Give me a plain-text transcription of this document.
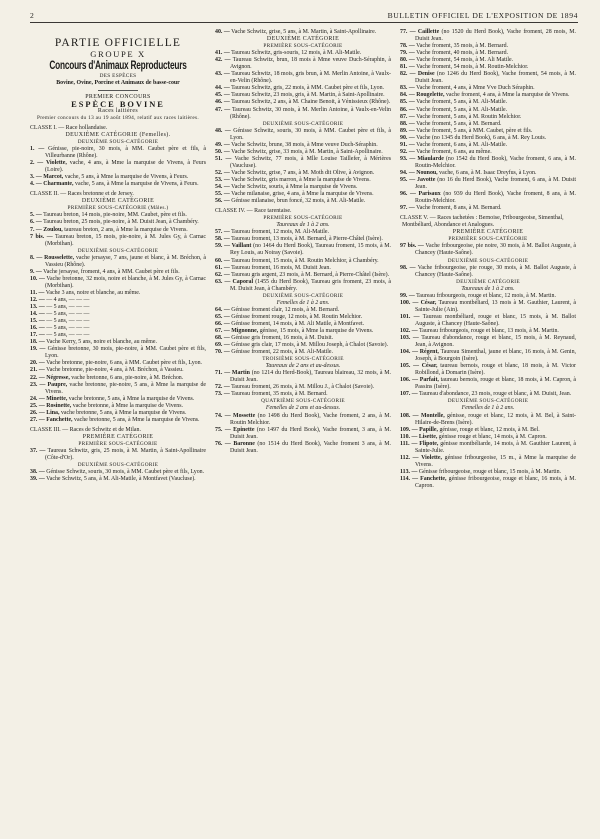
2	BULLETIN OFFICIEL DE L'EXPOSITION DE 1894
PARTIE OFFICIELLE
GROUPE X
Concours d'Animaux Reproducteurs
DES ESPÈCES
Bovine, Ovine, Porcine et Animaux de basse-cour
PREMIER CONCOURS
ESPÈCE BOVINE
Races laitières
Premier concours du 13 au 19 août 1894, relatif aux races laitières.
CLASSE I. — Race hollandaise.
DEUXIÈME CATÉGORIE (Femelles).
DEUXIÈME SOUS-CATÉGORIE
1. — Génisse, pie-noire, 30 mois, à MM. Caubet père et fils, à Villeurbanne (Rhône).
2. — Violette, vache, 4 ans, à Mme la marquise de Vivens, à Feurs (Loire).
3. — Marcot, vache, 5 ans, à Mme la marquise de Vivens, à Feurs.
4. — Charmante, vache, 5 ans, à Mme la marquise de Vivens, à Feurs.
CLASSE II. — Races bretonne et de Jersey.
DEUXIÈME CATÉGORIE
PREMIÈRE SOUS-CATÉGORIE (Mâles.)
5. — Taureau breton, 14 mois, pie-noire, MM. Caubet, père et fils.
6. — Taureau breton, 25 mois, pie-noire, à M. Duisit Jean, à Chambéry.
7. — Zoulou, taureau breton, 2 ans, à Mme la marquise de Vivens.
7 bis. — Taureau breton, 15 mois, pie-noire, à M. Jules Gy, à Carnac (Morbihan).
DEUXIÈME SOUS-CATÉGORIE
8. — Rousselette, vache jersayse, 7 ans, jaune et blanc, à M. Bréchon, à Vassieu (Rhône).
9. — Vache jersayse, froment, 4 ans, à MM. Caubet père et fils.
10. — Vache bretonne, 32 mois, noire et blanche, à M. Jules Gy, à Carnac (Morbihan).
11. — Vache 3 ans, noire et blanche, au même.
12. — — 4 ans, — — —
13. — — 5 ans, — — —
14. — — 5 ans, — — —
15. — — 5 ans, — — —
16. — — 5 ans, — — —
17. — — 5 ans, — — —
18. — Vache Kerry, 5 ans, noire et blanche, au même.
19. — Génisse bretonne, 30 mois, pie-noire, à MM. Caubet père et fils, Lyon.
20. — Vache bretonne, pie-noire, 6 ans, à MM. Caubet père et fils, Lyon.
21. — Vache bretonne, pie-noire, 4 ans, à M. Bréchon, à Vassieu.
22. — Négresse, vache bretonne, 6 ans, pie-noire, à M. Bréchon.
23. — Paupre, vache bretonne, pie-noire, 5 ans, à Mme la marquise de Vivens.
24. — Minette, vache bretonne, 5 ans, à Mme la marquise de Vivens.
25. — Rosinette, vache bretonne, à Mme la marquise de Vivens.
26. — Lina, vache bretonne, 5 ans, à Mme la marquise de Vivens.
27. — Fanchette, vache bretonne, 5 ans, à Mme la marquise de Vivens.
CLASSE III. — Races de Schwitz et de Milan.
PREMIÈRE CATÉGORIE
PREMIÈRE SOUS-CATÉGORIE
37. — Taureau Schwitz, gris, 25 mois, à M. Martin, à Saint-Apollinaire (Côte-d'Or).
DEUXIÈME SOUS-CATÉGORIE
38. — Génisse Schwitz, souris, 30 mois, à MM. Caubet père et fils, Lyon.
39. — Vache Schwitz, 5 ans, à M. Ali-Matile, à Montfavet (Vaucluse).
40. — Vache Schwitz, grise, 5 ans, à M. Martin, à Saint-Apollinaire.
DEUXIÈME CATÉGORIE
PREMIÈRE SOUS-CATÉGORIE
41. — Taureau Schwitz, gris-souris, 12 mois, à M. Ali-Matile.
42. — Taureau Schwitz, brun, 18 mois à Mme veuve Duch-Séraphin, à Avignon.
43. — Taureau Schwitz, 18 mois, gris brun, à M. Merlin Antoine, à Vaulx-en-Velin (Rhône).
44. — Taureau Schwitz, gris, 22 mois, à MM. Caubet père et fils, Lyon.
45. — Taureau Schwitz, 23 mois, gris, à M. Martin, à Saint-Apollinaire.
46. — Taureau Schwitz, 2 ans, à M. Chaine Benoit, à Vénissieux (Rhône).
47. — Taureau Schwitz, 30 mois, à M. Merlin Antoine, à Vaulx-en-Velin (Rhône).
DEUXIÈME SOUS-CATÉGORIE
48. — Génisse Schwitz, souris, 30 mois, à MM. Caubet père et fils, à Lyon.
49. — Vache Schwitz, brune, 38 mois, à Mme veuve Duch-Séraphin.
50. — Vache Schwitz, grise, 33 mois, à M. Martin, à Saint-Apollinaire.
51. — Vache Schwitz, 77 mois, à Mlle Louise Taillefer, à Mérières (Vaucluse).
52. — Vache Schwitz, grise, 7 ans, à M. Moth dit Olive, à Avignon.
53. — Vache Schwitz, gris marron, à Mme la marquise de Vivens.
54. — Vache Schwitz, souris, à Mme la marquise de Vivens.
55. — Vache milanaise, grise, 4 ans, à Mme la marquise de Vivens.
56. — Génisse milanaise, brun foncé, 32 mois, à M. Ali-Matile.
CLASSE IV. — Race tarentaise.
PREMIÈRE SOUS-CATÉGORIE
Taureaux de 1 à 2 ans.
57. — Taureau froment, 12 mois, M. Ali-Matile.
58. — Taureau froment, 13 mois, à M. Bernard, à Pierre-Châtel (Isère).
59. — Vaillant (no 1464 du Herd Book), Taureau froment, 15 mois, à M. Rey Louis, au Noiray (Savoie).
60. — Taureau froment, 15 mois, à M. Routin Melchior, à Chambéry.
61. — Taureau froment, 16 mois, M. Duisit Jean.
62. — Taureau gris argent, 23 mois, à M. Bernard, à Pierre-Châtel (Isère).
63. — Caporal (1455 du Herd Book), Taureau gris froment, 23 mois, à M. Duisit Jean, à Chambéry.
DEUXIÈME SOUS-CATÉGORIE
Femelles de 1 à 2 ans.
64. — Génisse froment clair, 12 mois, à M. Bernard.
65. — Génisse froment rouge, 12 mois, à M. Routin Melchior.
66. — Génisse froment, 14 mois, à M. Ali Matile, à Montfavet.
67. — Mignonne, génisse, 15 mois, à Mme la marquise de Vivens.
68. — Génisse gris froment, 16 mois, à M. Duisit.
69. — Génisse gris clair, 17 mois, à M. Millou Joseph, à Chalot (Savoie).
70. — Génisse froment, 22 mois, à M. Ali-Matile.
TROISIÈME SOUS-CATÉGORIE
Taureaux de 2 ans et au-dessus.
71. — Martin (no 1214 du Herd-Book), Taureau blaireau, 32 mois, à M. Duisit Jean.
72. — Taureau froment, 26 mois, à M. Millou J., à Chalot (Savoie).
73. — Taureau froment, 35 mois, à M. Bernard.
QUATRIÈME SOUS-CATÉGORIE
Femelles de 2 ans et au-dessus.
74. — Mossette (no 1498 du Herd Book), Vache froment, 2 ans, à M. Routin Melchior.
75. — Epinette (no 1497 du Herd Book), Vache froment, 3 ans, à M. Duisit Jean.
76. — Baronne (no 1514 du Herd Book), Vache froment 3 ans, à M. Duisit Jean.
77. — Caillette (no 1520 du Herd Book), Vache froment, 28 mois, M. Duisit Jean.
78. — Vache froment, 35 mois, à M. Bernard.
79. — Vache froment, 40 mois, à M. Bernard.
80. — Vache froment, 54 mois, à M. Ali Matile.
81. — Vache froment, 54 mois, à M. Routin-Melchior.
82. — Denise (no 1246 du Herd Book), Vache froment, 54 mois, à M. Duisit Jean.
83. — Vache froment, 4 ans, à Mme Vve Duch Séraphin.
84. — Rougelette, vache froment, 4 ans, à Mme la marquise de Vivens.
85. — Vache froment, 5 ans, à M. Ali-Matile.
86. — Vache froment, 5 ans, à M. Ali-Matile.
87. — Vache froment, 5 ans, à M. Routin Melchior.
88. — Vache froment, 5 ans, à M. Bernard.
89. — Vache froment, 5 ans, à MM. Caubet, père et fils.
90. — Vache (no 1345 du Herd Book), 6 ans, à M. Rey Louis.
91. — Vache froment, 6 ans, à M. Ali-Matile.
92. — Vache froment, 6 ans, au même.
93. — Miaularde (no 1542 du Herd Book), Vache froment, 6 ans, à M. Routin-Melchior.
94. — Nounou, vache, 6 ans, à M. Isaac Dreyfus, à Lyon.
95. — Javotte (no 16 du Herd Book), Vache froment, 6 ans, à M. Duisit Jean.
96. — Parisaux (no 939 du Herd Book), Vache froment, 8 ans, à M. Routin-Melchior.
97. — Vache froment, 8 ans, à M. Bernard.
CLASSE V. — Races tachetées : Bernoise, Fribourgeoise, Simenthal, Montbéliard, Abondance et Analogues.
PREMIÈRE CATÉGORIE
PREMIÈRE SOUS-CATÉGORIE
97 bis. — Vache fribourgeoise, pie noire, 30 mois, à M. Ballot Auguste, à Chancey (Haute-Saône).
DEUXIÈME SOUS-CATÉGORIE
98. — Vache fribourgeoise, pie rouge, 30 mois, à M. Ballot Auguste, à Chancey (Haute-Saône).
DEUXIÈME CATÉGORIE
Taureaux de 1 à 2 ans.
99. — Taureau fribourgeois, rouge et blanc, 12 mois, à M. Martin.
100. — César, Taureau montbéliard, 13 mois à M. Gauthier, Laurent, à Sainte-Julie (Ain).
101. — Taureau montbéliard, rouge et blanc, 15 mois, à M. Ballot Auguste, à Chancey (Haute-Saône).
102. — Taureau fribourgeois, rouge et blanc, 13 mois, à M. Martin.
103. — Taureau d'abondance, rouge et blanc, 15 mois, à M. Reynaud, Jean, à Avignon.
104. — Régent, Taureau Simenthal, jaune et blanc, 16 mois, à M. Genin, Joseph, à Bourgoin (Isère).
105. — César, taureau bernois, rouge et blanc, 18 mois, à M. Victor Robillond, à Domarin (Isère).
106. — Parfait, taureau bernois, rouge et blanc, 18 mois, à M. Capron, à Passins (Isère).
107. — Taureau d'abondance, 23 mois, rouge et blanc, à M. Duisit, Jean.
DEUXIÈME SOUS-CATÉGORIE
Femelles de 1 à 2 ans.
108. — Montelle, génisse, rouge et blanc, 12 mois, à M. Bel, à Saint-Hilaire-de-Brens (Isère).
109. — Papille, génisse, rouge et blanc, 12 mois, à M. Bel.
110. — Lisette, génisse rouge et blanc, 14 mois, à M. Capron.
111. — Flipote, génisse montbéliarde, 14 mois, à M. Gauthier Laurent, à Sainte-Julie.
112. — Violette, génisse fribourgeoise, 15 m., à Mme la marquise de Vivens.
113. — Génisse fribourgeoise, rouge et blanc, 15 mois, à M. Martin.
114. — Fanchette, génisse fribourgeoise, rouge et blanc, 16 mois, à M. Capron.
